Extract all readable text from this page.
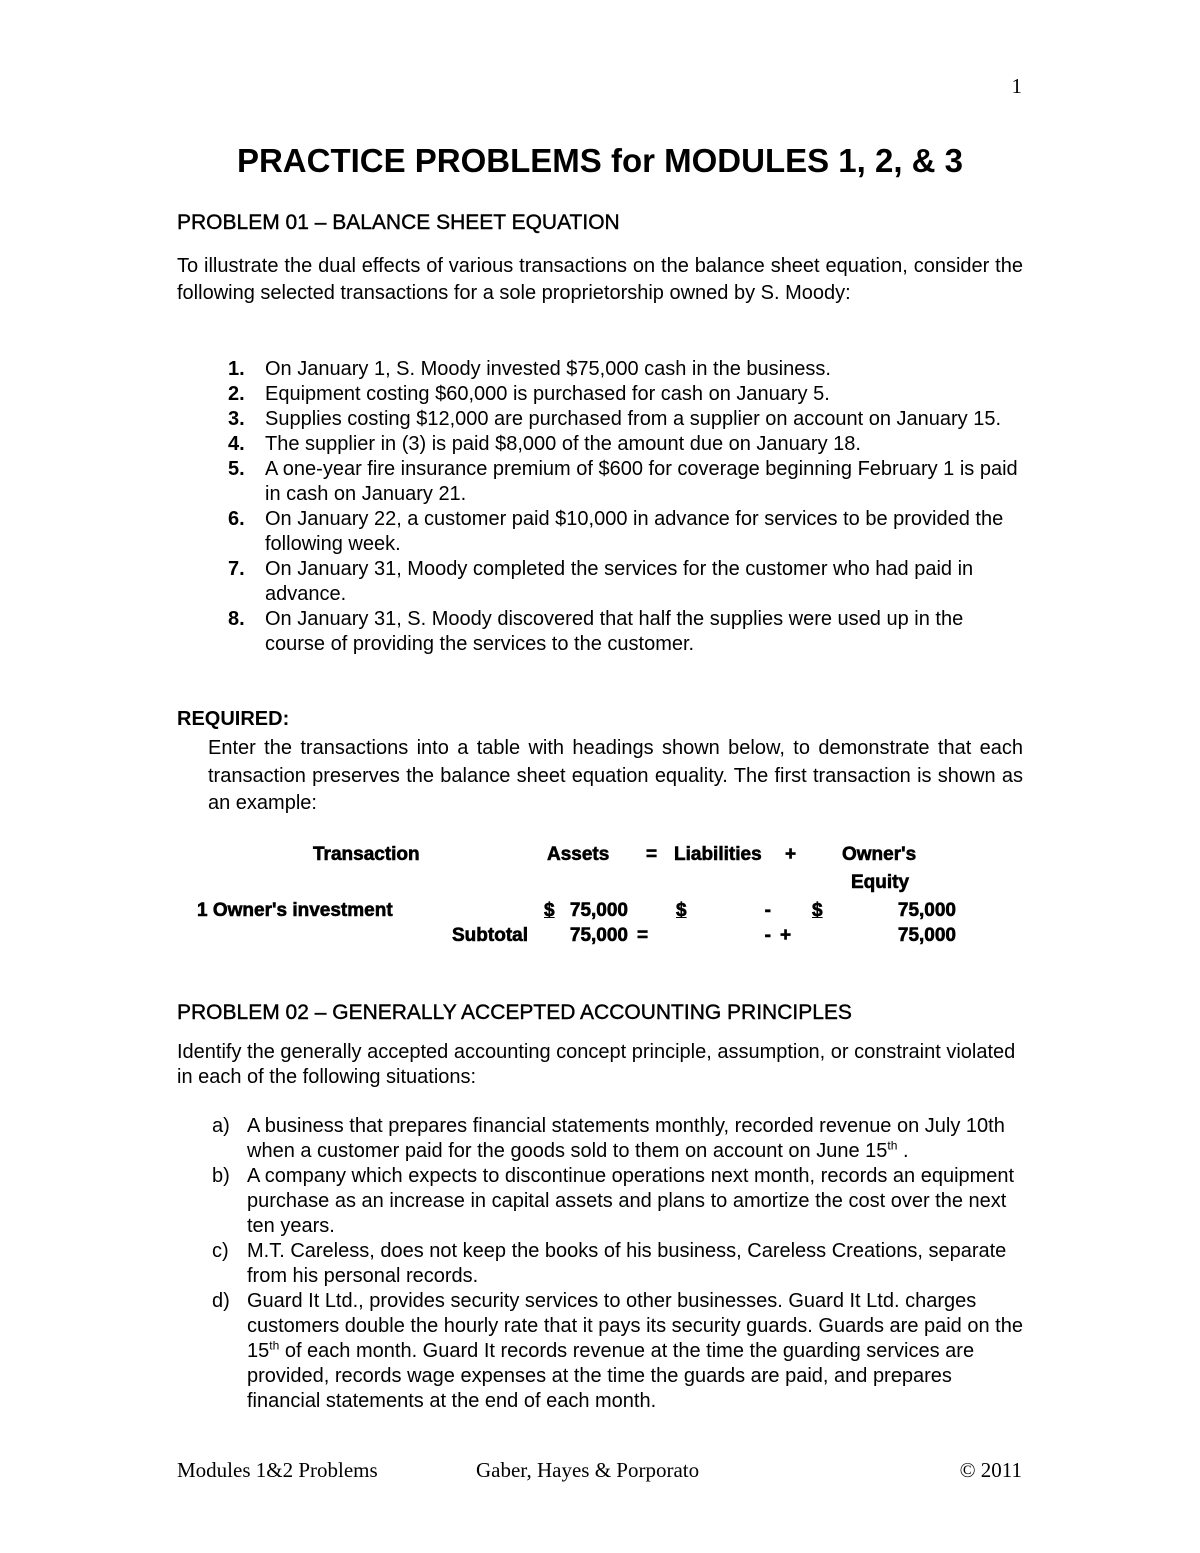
1
PRACTICE PROBLEMS for MODULES 1, 2, & 3
PROBLEM 01 – BALANCE SHEET EQUATION

To illustrate the dual effects of various transactions on the balance sheet equation, consider the following selected transactions for a sole proprietorship owned by S. Moody:

1. On January 1, S. Moody invested $75,000 cash in the business.
2. Equipment costing $60,000 is purchased for cash on January 5.
3. Supplies costing $12,000 are purchased from a supplier on account on January 15.
4. The supplier in (3) is paid $8,000 of the amount due on January 18.
5. A one-year fire insurance premium of $600 for coverage beginning February 1 is paid in cash on January 21.
6. On January 22, a customer paid $10,000 in advance for services to be provided the following week.
7. On January 31, Moody completed the services for the customer who had paid in advance.
8. On January 31, S. Moody discovered that half the supplies were used up in the course of providing the services to the customer.

REQUIRED:

Enter the transactions into a table with headings shown below, to demonstrate that each transaction preserves the balance sheet equation equality. The first transaction is shown as an example:

Transaction	Assets = Liabilities + Owner's
Equity
1 Owner's investment	$ 75,000	$	- $	75,000
Subtotal	75,000 =	- +	75,000
PROBLEM 02 – GENERALLY ACCEPTED ACCOUNTING PRINCIPLES

Identify the generally accepted accounting concept principle, assumption, or constraint violated in each of the following situations:

a) A business that prepares financial statements monthly, recorded revenue on July 10th when a customer paid for the goods sold to them on account on June 15th .
b) A company which expects to discontinue operations next month, records an equipment purchase as an increase in capital assets and plans to amortize the cost over the next ten years.
c) M.T. Careless, does not keep the books of his business, Careless Creations, separate from his personal records.
d) Guard It Ltd., provides security services to other businesses. Guard It Ltd. charges customers double the hourly rate that it pays its security guards. Guards are paid on the 15th of each month. Guard It records revenue at the time the guarding services are provided, records wage expenses at the time the guards are paid, and prepares financial statements at the end of each month.
Modules 1&2 Problems	Gaber, Hayes & Porporato	© 2011
